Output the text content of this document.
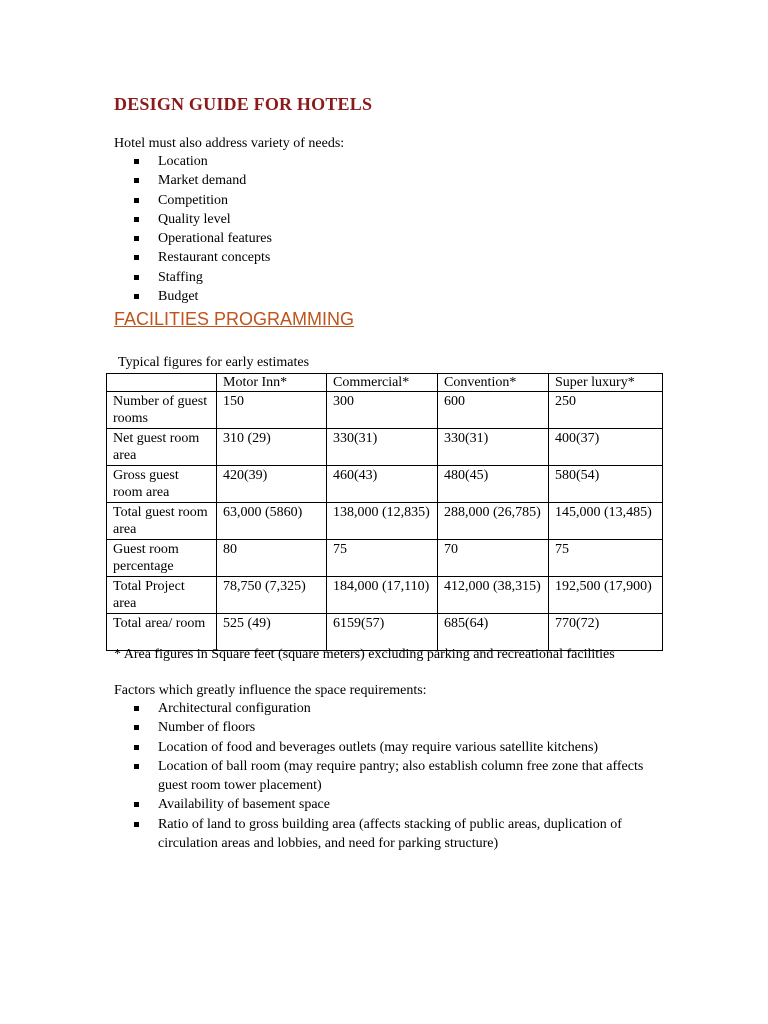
DESIGN GUIDE FOR HOTELS
Hotel must also address variety of needs:
Location
Market demand
Competition
Quality level
Operational features
Restaurant concepts
Staffing
Budget
FACILITIES PROGRAMMING
Typical figures for early estimates
	Motor Inn*	Commercial*	Convention*	Super luxury*
Number of guest rooms	150	300	600	250
Net guest room area	310 (29)	330(31)	330(31)	400(37)
Gross guest room area	420(39)	460(43)	480(45)	580(54)
Total guest room area	63,000 (5860)	138,000 (12,835)	288,000 (26,785)	145,000 (13,485)
Guest room percentage	80	75	70	75
Total Project area	78,750 (7,325)	184,000 (17,110)	412,000 (38,315)	192,500 (17,900)
Total area/ room	525 (49)	6159(57)	685(64)	770(72)
* Area figures in Square feet (square meters) excluding parking and recreational facilities
Factors which greatly influence the space requirements:
Architectural configuration
Number of floors
Location of food and beverages outlets (may require various satellite kitchens)
Location of ball room (may require pantry; also establish column free zone that affects guest room tower placement)
Availability of basement space
Ratio of land to gross building area (affects stacking of public areas, duplication of circulation areas and lobbies, and need for parking structure)
